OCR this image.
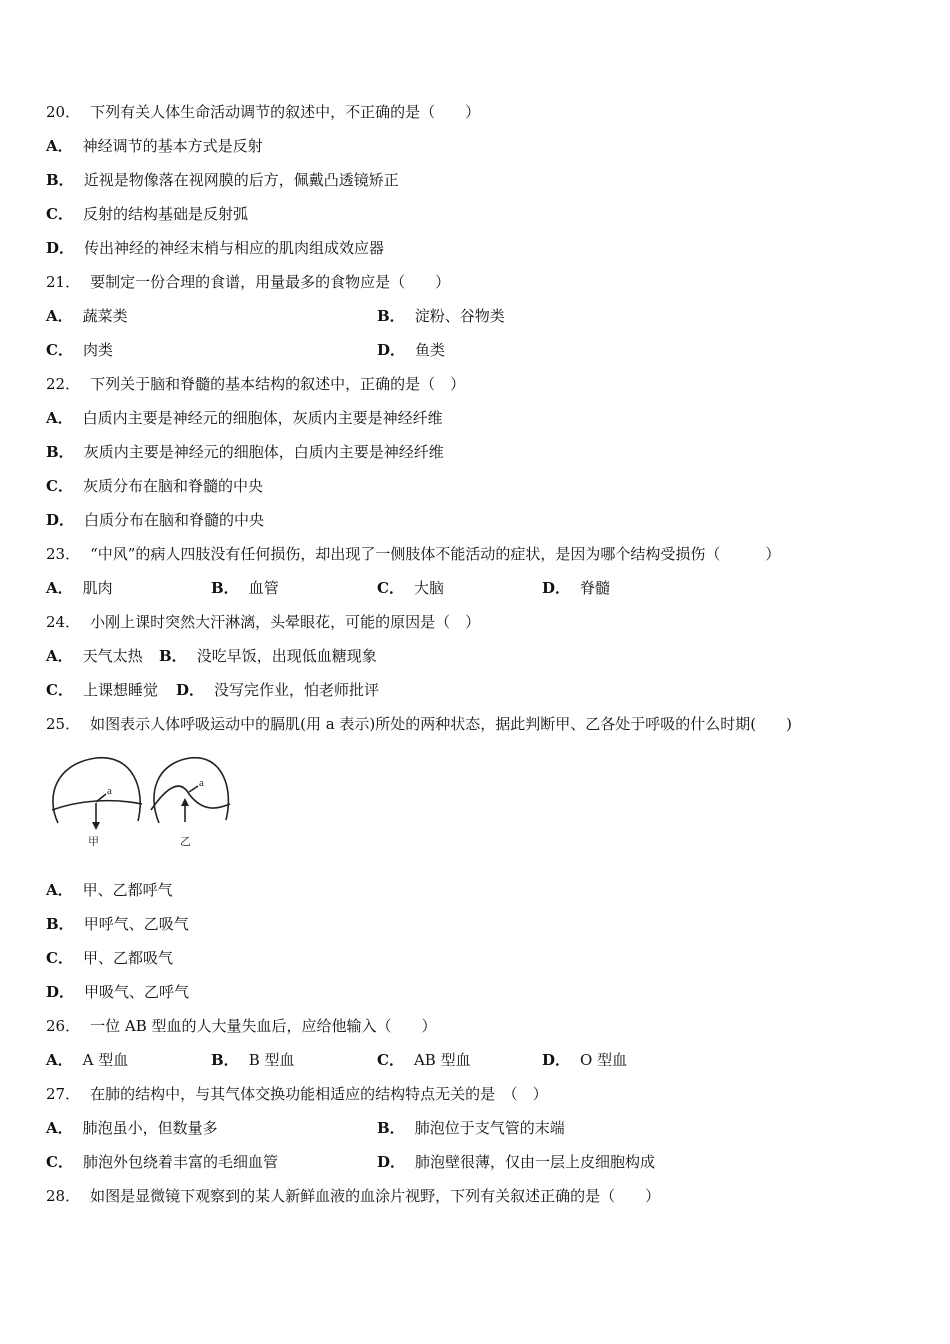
20． 下列有关人体生命活动调节的叙述中，不正确的是（　　）
A． 神经调节的基本方式是反射
B． 近视是物像落在视网膜的后方，佩戴凸透镜矫正
C． 反射的结构基础是反射弧
D． 传出神经的神经末梢与相应的肌肉组成效应器
21． 要制定一份合理的食谱，用量最多的食物应是（　　）
A． 蔬菜类	B． 淀粉、谷物类
C． 肉类	D． 鱼类
22． 下列关于脑和脊髓的基本结构的叙述中，正确的是（　）
A． 白质内主要是神经元的细胞体，灰质内主要是神经纤维
B． 灰质内主要是神经元的细胞体，白质内主要是神经纤维
C． 灰质分布在脑和脊髓的中央
D． 白质分布在脑和脊髓的中央
23． “中风”的病人四肢没有任何损伤，却出现了一侧肢体不能活动的症状，是因为哪个结构受损伤（　　　）
A． 肌肉	B． 血管	C． 大脑	D． 脊髓
24． 小刚上课时突然大汗淋漓，头晕眼花，可能的原因是（　）
A． 天气太热 B． 没吃早饭，出现低血糖现象
C． 上课想睡觉 D． 没写完作业，怕老师批评
25． 如图表示人体呼吸运动中的膈肌(用 a 表示)所处的两种状态，据此判断甲、乙各处于呼吸的什么时期(　　)
a
甲
a
乙
A． 甲、乙都呼气
B． 甲呼气、乙吸气
C． 甲、乙都吸气
D． 甲吸气、乙呼气
26． 一位 AB 型血的人大量失血后，应给他输入（　　）
A． A 型血	B． B 型血	C． AB 型血	D． O 型血
27． 在肺的结构中，与其气体交换功能相适应的结构特点无关的是　（　）
A． 肺泡虽小，但数量多	B． 肺泡位于支气管的末端
C． 肺泡外包绕着丰富的毛细血管	D． 肺泡壁很薄，仅由一层上皮细胞构成
28． 如图是显微镜下观察到的某人新鲜血液的血涂片视野，下列有关叙述正确的是（　　）
